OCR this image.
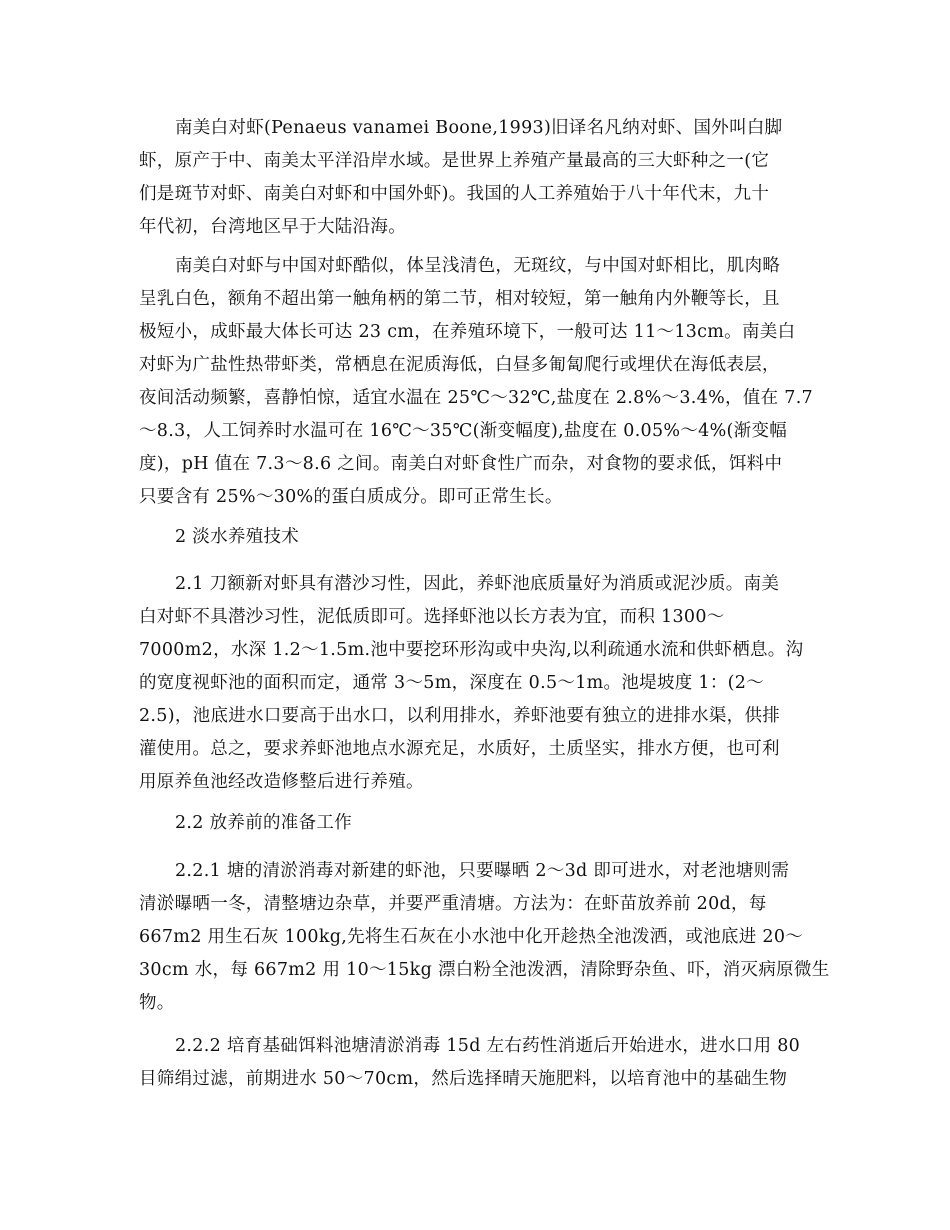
南美白对虾(Penaeus vanamei Boone,1993)旧译名凡纳对虾、国外叫白脚
虾，原产于中、南美太平洋沿岸水域。是世界上养殖产量最高的三大虾种之一(它
们是斑节对虾、南美白对虾和中国外虾)。我国的人工养殖始于八十年代末，九十
年代初，台湾地区早于大陆沿海。

南美白对虾与中国对虾酷似，体呈浅清色，无斑纹，与中国对虾相比，肌肉略
呈乳白色，额角不超出第一触角柄的第二节，相对较短，第一触角内外鞭等长，且
极短小，成虾最大体长可达 23 cm，在养殖环境下，一般可达 11～13cm。南美白
对虾为广盐性热带虾类，常栖息在泥质海低，白昼多匍匐爬行或埋伏在海低表层，
夜间活动频繁，喜静怕惊，适宜水温在 25℃～32℃,盐度在 2.8%～3.4%，值在 7.7
～8.3，人工饲养时水温可在 16℃～35℃(渐变幅度),盐度在 0.05%～4%(渐变幅
度)，pH 值在 7.3～8.6 之间。南美白对虾食性广而杂，对食物的要求低，饵料中
只要含有 25%～30%的蛋白质成分。即可正常生长。

2 淡水养殖技术

2.1 刀额新对虾具有潜沙习性，因此，养虾池底质量好为消质或泥沙质。南美
白对虾不具潜沙习性，泥低质即可。选择虾池以长方表为宜，而积 1300～
7000m2，水深 1.2～1.5m.池中要挖环形沟或中央沟,以利疏通水流和供虾栖息。沟
的宽度视虾池的面积而定，通常 3～5m，深度在 0.5～1m。池堤坡度 1：(2～
2.5)，池底进水口要高于出水口，以利用排水，养虾池要有独立的进排水渠，供排
灌使用。总之，要求养虾池地点水源充足，水质好，土质坚实，排水方便，也可利
用原养鱼池经改造修整后进行养殖。

2.2 放养前的准备工作

2.2.1 塘的清淤消毒对新建的虾池，只要曝晒 2～3d 即可进水，对老池塘则需
清淤曝晒一冬，清整塘边杂草，并要严重清塘。方法为：在虾苗放养前 20d，每
667m2 用生石灰 100kg,先将生石灰在小水池中化开趁热全池泼洒，或池底进 20～
30cm 水，每 667m2 用 10～15kg 漂白粉全池泼洒，清除野杂鱼、吓，消灭病原微生
物。

2.2.2 培育基础饵料池塘清淤消毒 15d 左右药性消逝后开始进水，进水口用 80
目筛绢过滤，前期进水 50～70cm，然后选择晴天施肥料，以培育池中的基础生物
